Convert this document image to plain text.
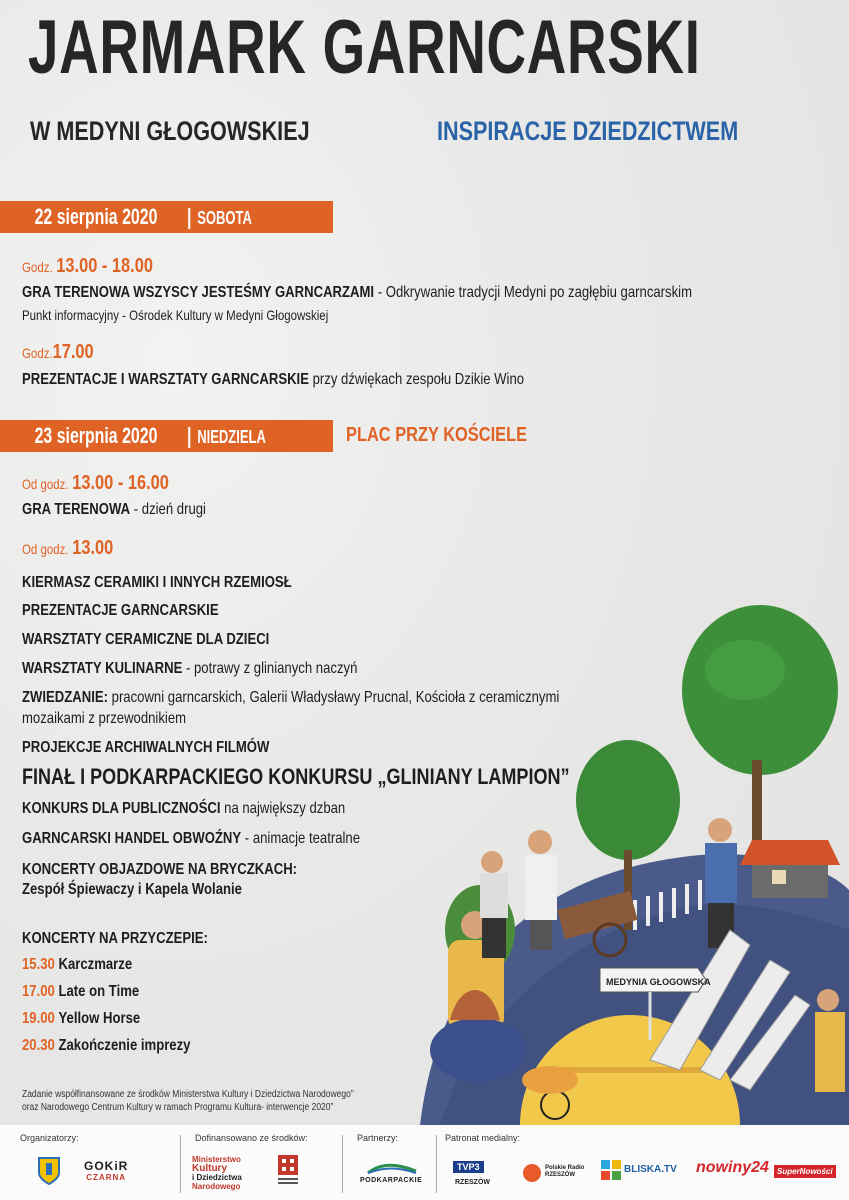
JARMARK GARNCARSKI
W MEDYNI GŁOGOWSKIEJ	INSPIRACJE DZIEDZICTWEM
22 sierpnia 2020 | SOBOTA
Godz. 13.00 - 18.00
GRA TERENOWA WSZYSCY JESTEŚMY GARNCARZAMI - Odkrywanie tradycji Medyni po zagłębiu garncarskim
Punkt informacyjny - Ośrodek Kultury w Medyni Głogowskiej
Godz.17.00
PREZENTACJE I WARSZTATY GARNCARSKIE przy dźwiękach zespołu Dzikie Wino
23 sierpnia 2020 | NIEDZIELA	PLAC PRZY KOŚCIELE
Od godz. 13.00 - 16.00
GRA TERENOWA - dzień drugi
Od godz. 13.00
KIERMASZ CERAMIKI I INNYCH RZEMIOSŁ
PREZENTACJE GARNCARSKIE
WARSZTATY CERAMICZNE DLA DZIECI
WARSZTATY KULINARNE - potrawy z glinianych naczyń
ZWIEDZANIE: pracowni garncarskich, Galerii Władysławy Prucnal, Kościoła z ceramicznymi
mozaikami z przewodnikiem
PROJEKCJE ARCHIWALNYCH FILMÓW
FINAŁ I PODKARPACKIEGO KONKURSU „GLINIANY LAMPION”
KONKURS DLA PUBLICZNOŚCI na największy dzban
GARNCARSKI HANDEL OBWOŹNY - animacje teatralne
KONCERTY OBJAZDOWE NA BRYCZKACH:
Zespół Śpiewaczy i Kapela Wolanie
KONCERTY NA PRZYCZEPIE:
15.30 Karczmarze
17.00 Late on Time
19.00 Yellow Horse
20.30 Zakończenie imprezy
MEDYNIA GŁOGOWSKA
Zadanie współfinansowane ze środków Ministerstwa Kultury i Dziedzictwa Narodowego”
oraz Narodowego Centrum Kultury w ramach Programu Kultura- interwencje 2020”
Organizatorzy:	Dofinansowano ze środków:	Partnerzy:	Patronat medialny:
GOKiR
CZARNA
Ministerstwo
Kultury
i Dziedzictwa
Narodowego
PODKARPACKIE
TVP3
RZESZÓW
Polskie Radio RZESZÓW	BLISKA.TV nowiny24	SuperNowości
